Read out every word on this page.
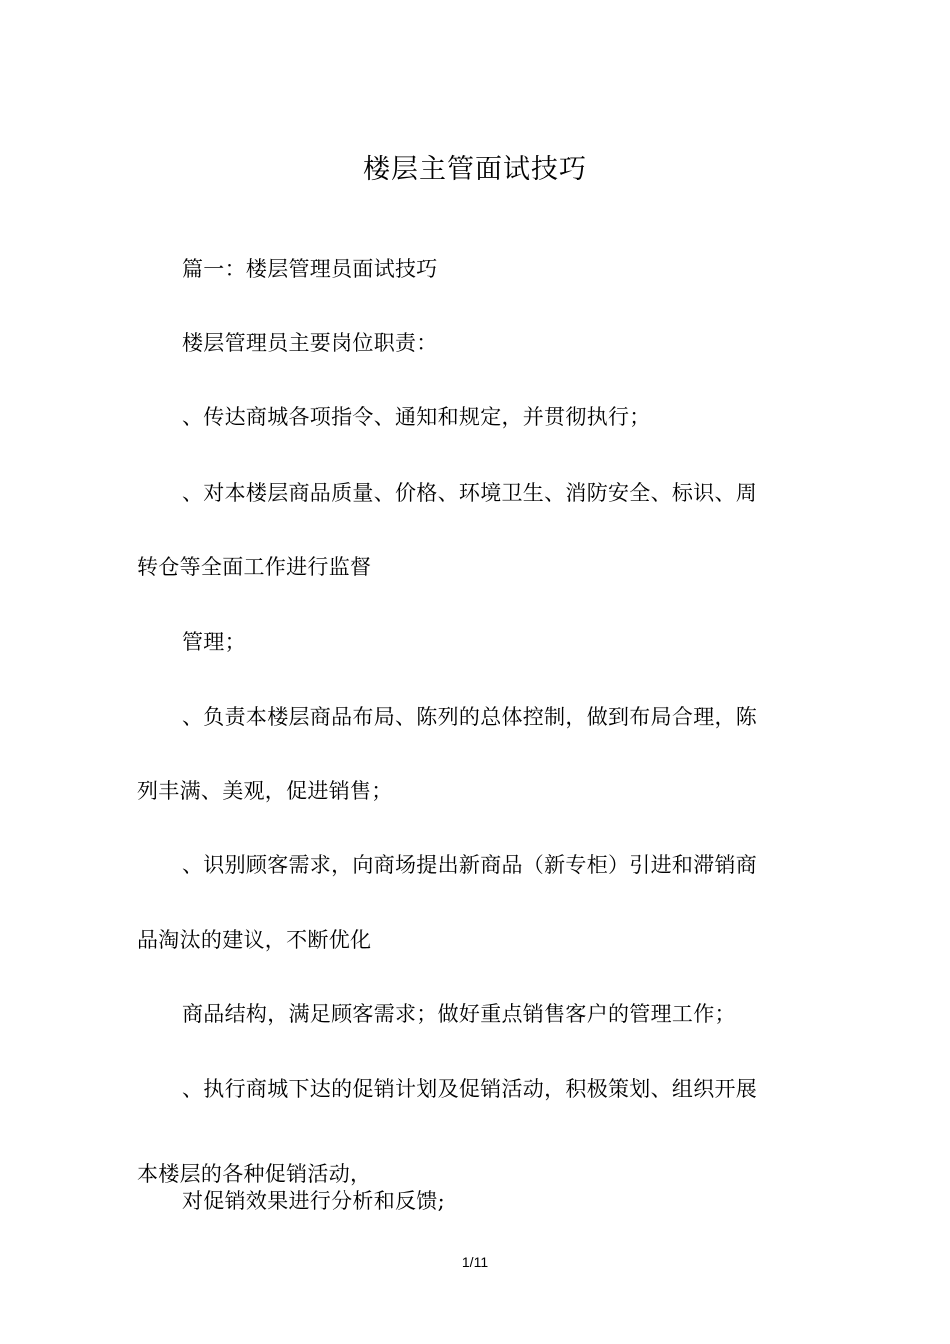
楼层主管面试技巧
篇一：楼层管理员面试技巧
楼层管理员主要岗位职责：
、传达商城各项指令、通知和规定，并贯彻执行；
、对本楼层商品质量、价格、环境卫生、消防安全、标识、周
转仓等全面工作进行监督
管理；
、负责本楼层商品布局、陈列的总体控制，做到布局合理，陈
列丰满、美观，促进销售；
、识别顾客需求，向商场提出新商品（新专柜）引进和滞销商
品淘汰的建议，不断优化
商品结构，满足顾客需求；做好重点销售客户的管理工作；
、执行商城下达的促销计划及促销活动，积极策划、组织开展
本楼层的各种促销活动，
对促销效果进行分析和反馈;
1/11
